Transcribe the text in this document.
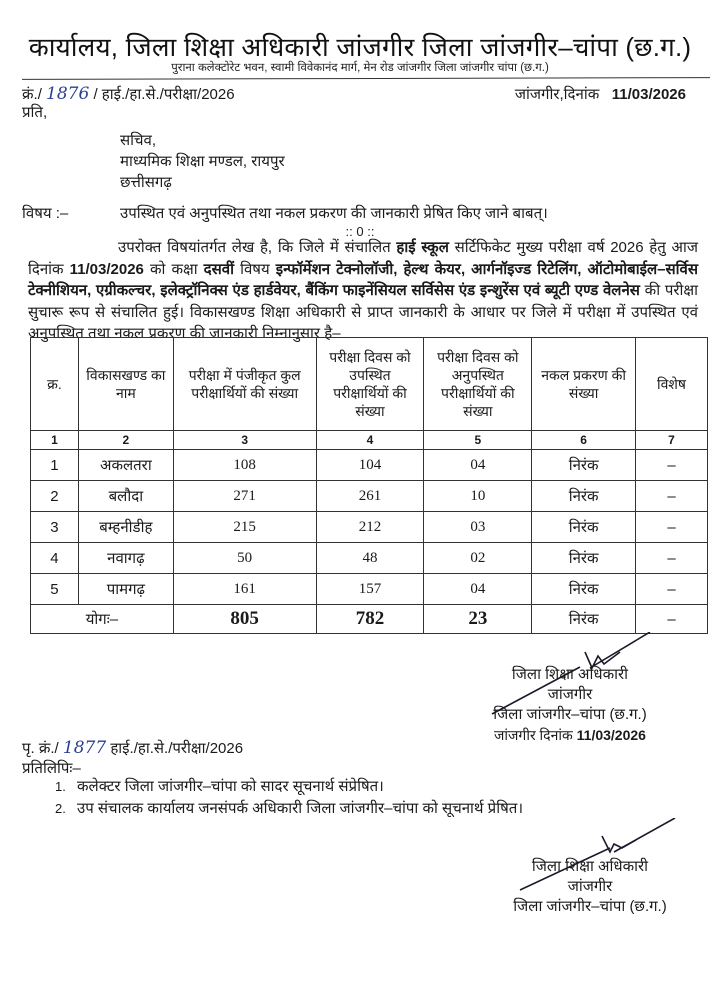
कार्यालय, जिला शिक्षा अधिकारी जांजगीर जिला जांजगीर–चांपा (छ.ग.)
पुराना कलेक्टोरेट भवन, स्वामी विवेकानंद मार्ग, मेन रोड जांजगीर जिला जांजगीर चांपा (छ.ग.)
क्रं./ 1876 / हाई./हा.से./परीक्षा/2026	जांजगीर,दिनांक 11/03/2026
प्रति,
सचिव,
माध्यमिक शिक्षा मण्डल, रायपुर
छत्तीसगढ़
विषय :–	उपस्थित एवं अनुपस्थित तथा नकल प्रकरण की जानकारी प्रेषित किए जाने बाबत्।
:: 0 ::
उपरोक्त विषयांतर्गत लेख है, कि जिले में संचालित हाई स्कूल सर्टिफिकेट मुख्य परीक्षा वर्ष 2026 हेतु आज दिनांक 11/03/2026 को कक्षा दसवीं विषय इन्फॉर्मेशन टेक्नोलॉजी, हेल्थ केयर, आर्गनॉइज्ड रिटेलिंग, ऑटोमोबाईल–सर्विस टेक्नीशियन, एग्रीकल्चर, इलेक्ट्रॉनिक्स एंड हार्डवेयर, बैंकिंग फाइनेंसियल सर्विसेस एंड इन्शुरेंस एवं ब्यूटी एण्ड वेलनेस की परीक्षा सुचारू रूप से संचालित हुई। विकासखण्ड शिक्षा अधिकारी से प्राप्त जानकारी के आधार पर जिले में परीक्षा में उपस्थित एवं अनुपस्थित तथा नकल प्रकरण की जानकारी निम्नानुसार है–
क्र.	विकासखण्ड का नाम	परीक्षा में पंजीकृत कुल परीक्षार्थियों की संख्या	परीक्षा दिवस को उपस्थित परीक्षार्थियों की संख्या	परीक्षा दिवस को अनुपस्थित परीक्षार्थियों की संख्या	नकल प्रकरण की संख्या	विशेष
1	2	3	4	5	6	7
1	अकलतरा	108	104	04	निरंक	–
2	बलौदा	271	261	10	निरंक	–
3	बम्हनीडीह	215	212	03	निरंक	–
4	नवागढ़	50	48	02	निरंक	–
5	पामगढ़	161	157	04	निरंक	–
योगः–		805	782	23	निरंक	–
जिला शिक्षा अधिकारी
जांजगीर
जिला जांजगीर–चांपा (छ.ग.)
जांजगीर दिनांक 11/03/2026
पृ. क्रं./ 1877 हाई./हा.से./परीक्षा/2026
प्रतिलिपिः–
1. कलेक्टर जिला जांजगीर–चांपा को सादर सूचनार्थ संप्रेषित।
2. उप संचालक कार्यालय जनसंपर्क अधिकारी जिला जांजगीर–चांपा को सूचनार्थ प्रेषित।
जिला शिक्षा अधिकारी
जांजगीर
जिला जांजगीर–चांपा (छ.ग.)
